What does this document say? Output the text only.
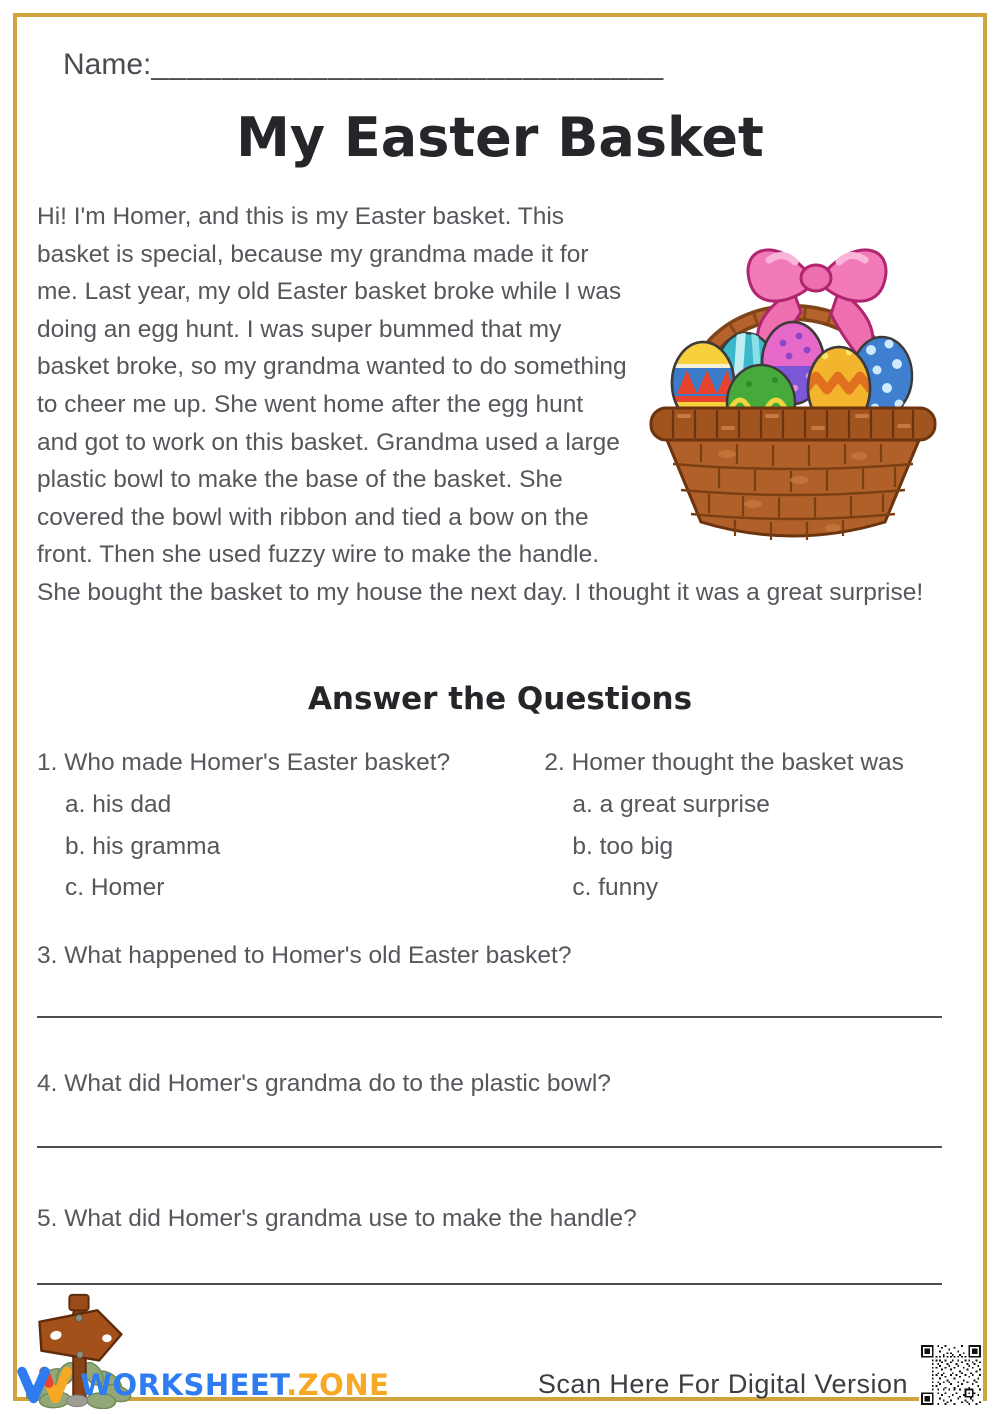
Name:_____________________________
My Easter Basket
Hi! I'm Homer, and this is my Easter basket. This basket is special, because my grandma made it for me. Last year, my old Easter basket broke while I was doing an egg hunt. I was super bummed that my basket broke, so my grandma wanted to do something to cheer me up. She went home after the egg hunt and got to work on this basket. Grandma used a large plastic bowl to make the base of the basket. She covered the bowl with ribbon and tied a bow on the front. Then she used fuzzy wire to make the handle. She bought the basket to my house the next day. I thought it was a great surprise!
Answer the Questions
1. Who made Homer's Easter basket?
a. his dad
b. his gramma
c. Homer
2. Homer thought the basket was
a. a great surprise
b. too big
c. funny
3. What happened to Homer's old Easter basket?
4. What did Homer's grandma do to the plastic bowl?
5. What did Homer's grandma use to make the handle?
WORKSHEET.ZONE	Scan Here For Digital Version
